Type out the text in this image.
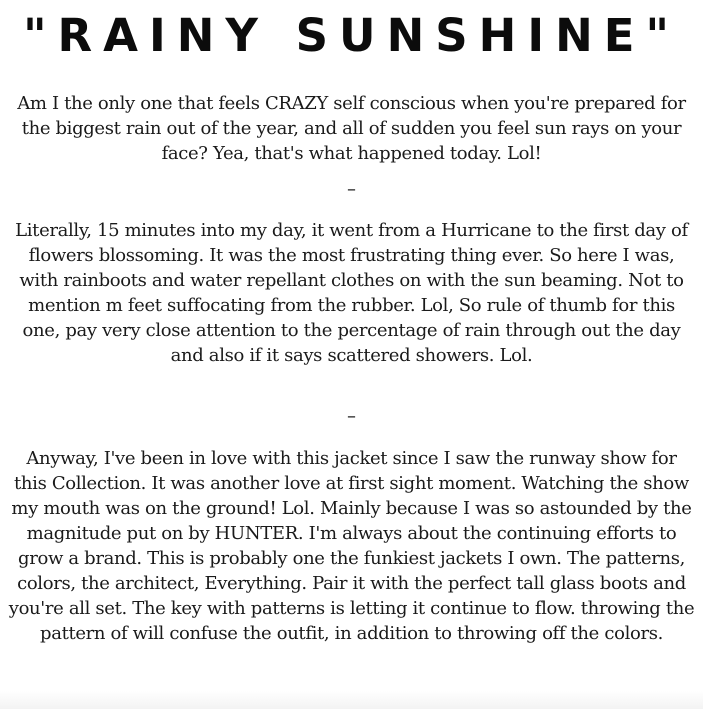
"RAINY SUNSHINE"
Am I the only one that feels CRAZY self conscious when you're prepared for the biggest rain out of the year, and all of sudden you feel sun rays on your face? Yea, that's what happened today. Lol!
–
Literally, 15 minutes into my day, it went from a Hurricane to the first day of flowers blossoming. It was the most frustrating thing ever. So here I was, with rainboots and water repellant clothes on with the sun beaming. Not to mention m feet suffocating from the rubber. Lol, So rule of thumb for this one, pay very close attention to the percentage of rain through out the day and also if it says scattered showers. Lol.
–
Anyway, I've been in love with this jacket since I saw the runway show for this Collection. It was another love at first sight moment. Watching the show my mouth was on the ground! Lol. Mainly because I was so astounded by the magnitude put on by HUNTER. I'm always about the continuing efforts to grow a brand. This is probably one the funkiest jackets I own. The patterns, colors, the architect, Everything. Pair it with the perfect tall glass boots and you're all set. The key with patterns is letting it continue to flow. throwing the pattern of will confuse the outfit, in addition to throwing off the colors.
